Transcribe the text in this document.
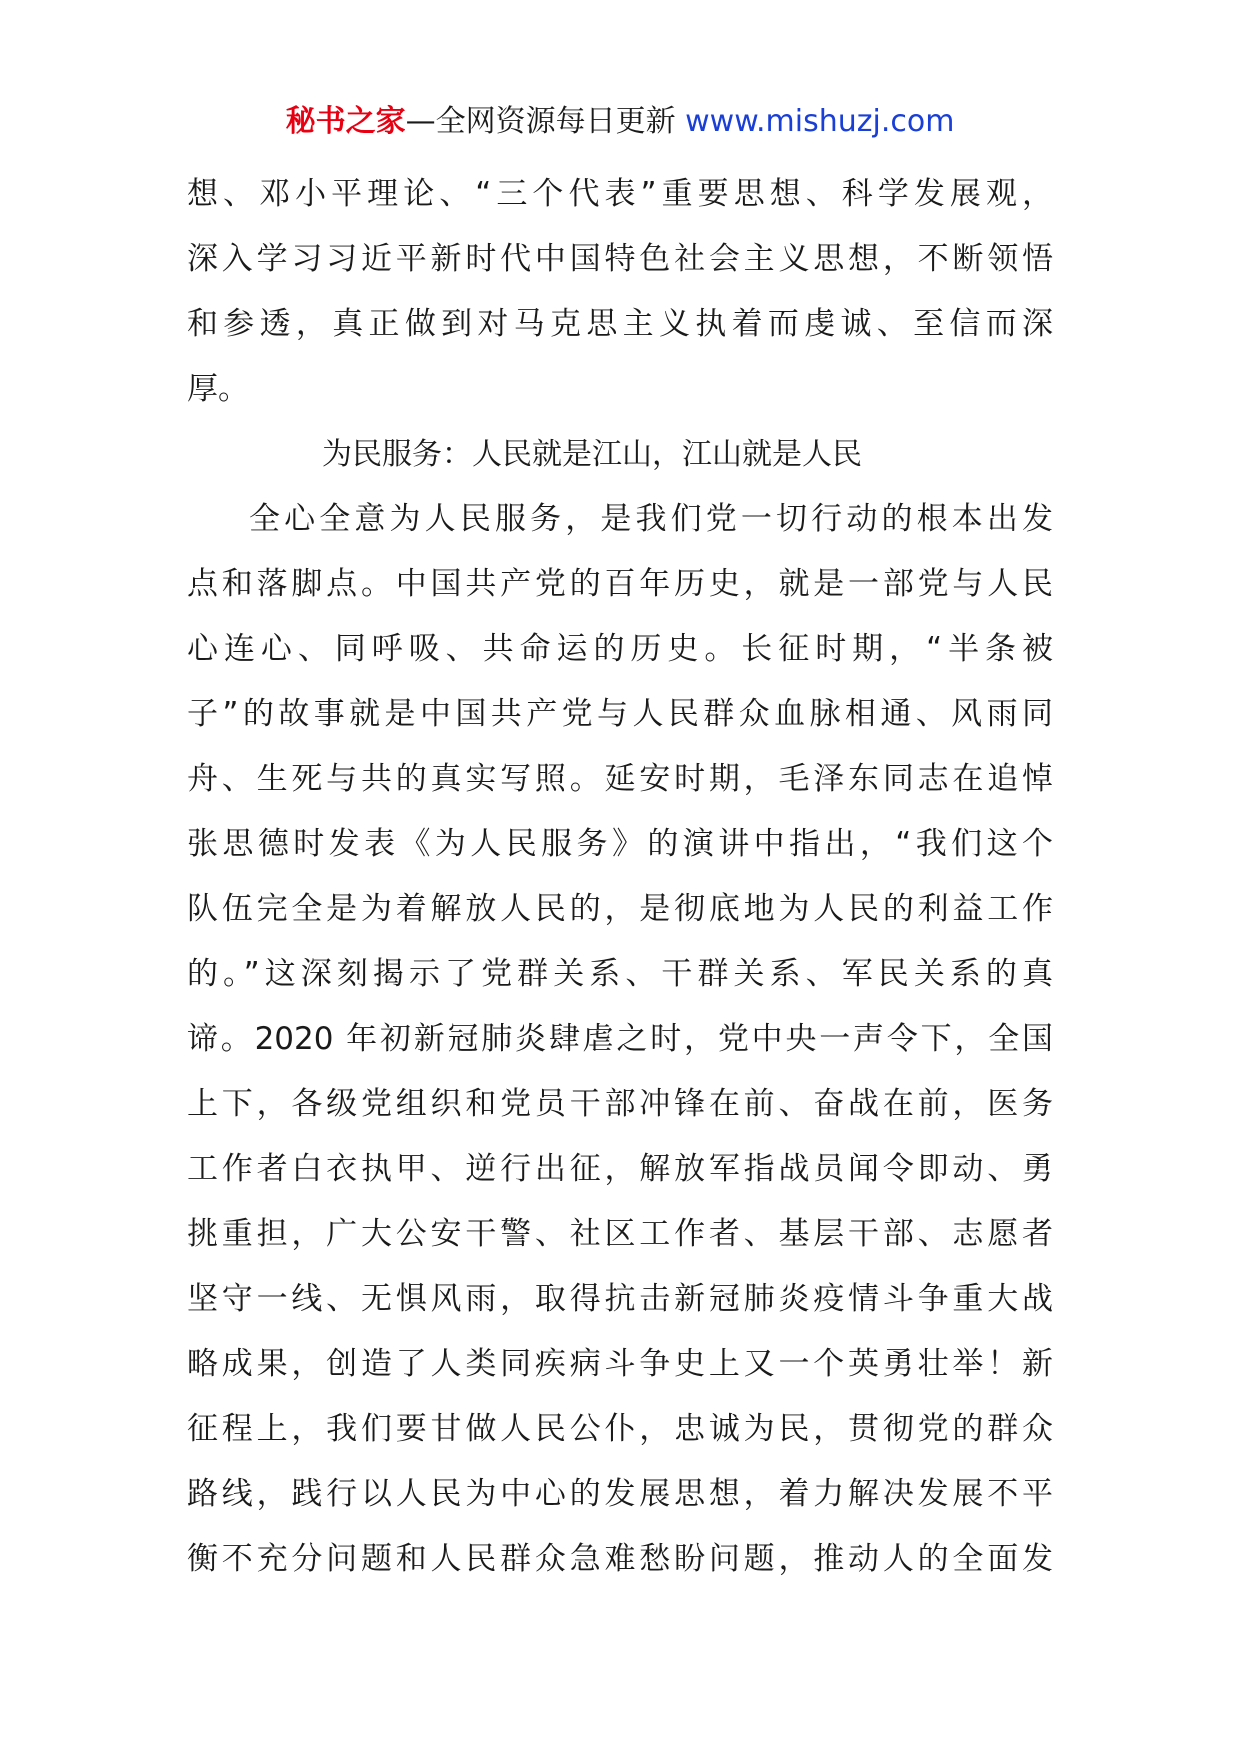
秘书之家—全网资源每日更新 www.mishuzj.com
想、邓小平理论、“三个代表”重要思想、科学发展观，
深入学习习近平新时代中国特色社会主义思想，不断领悟
和参透，真正做到对马克思主义执着而虔诚、至信而深
厚。
为民服务：人民就是江山，江山就是人民
全心全意为人民服务，是我们党一切行动的根本出发
点和落脚点。中国共产党的百年历史，就是一部党与人民
心连心、同呼吸、共命运的历史。长征时期，“半条被
子”的故事就是中国共产党与人民群众血脉相通、风雨同
舟、生死与共的真实写照。延安时期，毛泽东同志在追悼
张思德时发表《为人民服务》的演讲中指出，“我们这个
队伍完全是为着解放人民的，是彻底地为人民的利益工作
的。”这深刻揭示了党群关系、干群关系、军民关系的真
谛。2020 年初新冠肺炎肆虐之时，党中央一声令下，全国
上下，各级党组织和党员干部冲锋在前、奋战在前，医务
工作者白衣执甲、逆行出征，解放军指战员闻令即动、勇
挑重担，广大公安干警、社区工作者、基层干部、志愿者
坚守一线、无惧风雨，取得抗击新冠肺炎疫情斗争重大战
略成果，创造了人类同疾病斗争史上又一个英勇壮举！新
征程上，我们要甘做人民公仆，忠诚为民，贯彻党的群众
路线，践行以人民为中心的发展思想，着力解决发展不平
衡不充分问题和人民群众急难愁盼问题，推动人的全面发
